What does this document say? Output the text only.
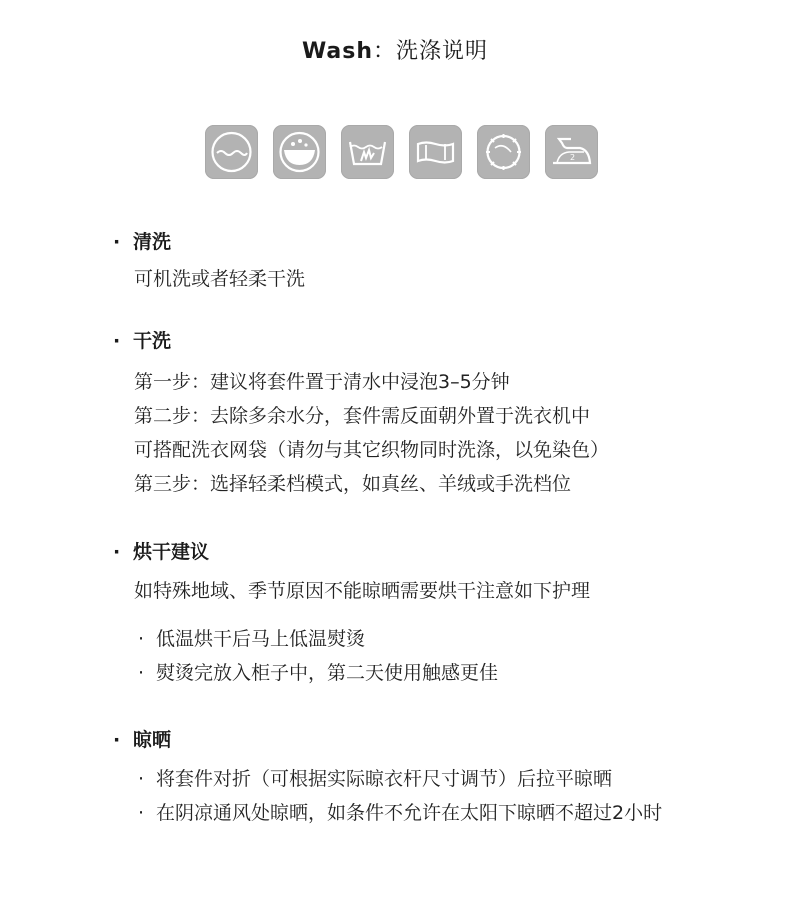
Wash：洗涤说明
2
· 清洗
可机洗或者轻柔干洗
· 干洗
第一步：建议将套件置于清水中浸泡3–5分钟
第二步：去除多余水分，套件需反面朝外置于洗衣机中
可搭配洗衣网袋（请勿与其它织物同时洗涤，以免染色）
第三步：选择轻柔档模式，如真丝、羊绒或手洗档位
· 烘干建议
如特殊地域、季节原因不能晾晒需要烘干注意如下护理
· 低温烘干后马上低温熨烫
· 熨烫完放入柜子中，第二天使用触感更佳
· 晾晒
· 将套件对折（可根据实际晾衣杆尺寸调节）后拉平晾晒
· 在阴凉通风处晾晒，如条件不允许在太阳下晾晒不超过2小时
